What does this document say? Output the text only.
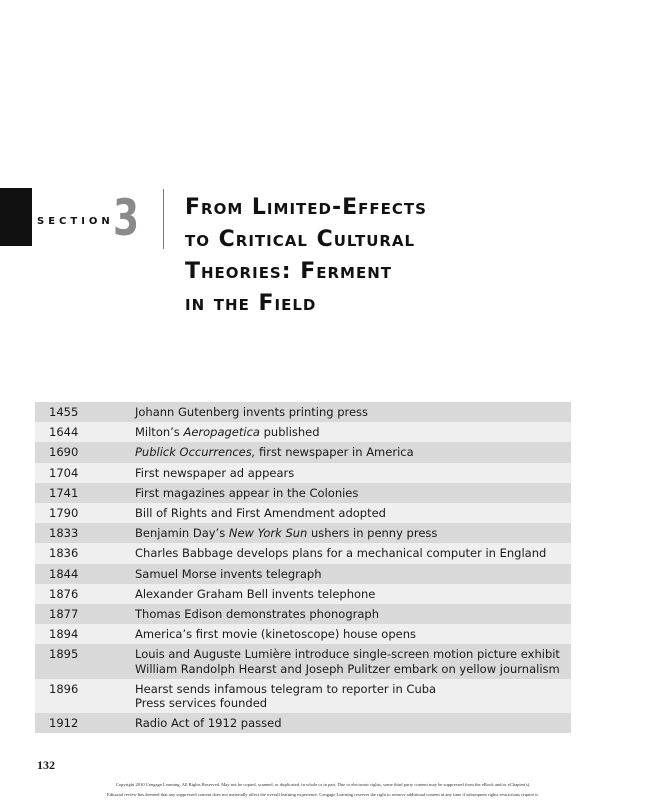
SECTION 3 From Limited-Effects
to Critical Cultural
Theories: Ferment
in the Field
1455	Johann Gutenberg invents printing press

1644	Milton’s Aeropagetica published

1690	Publick Occurrences, first newspaper in America

1704	First newspaper ad appears

1741	First magazines appear in the Colonies

1790	Bill of Rights and First Amendment adopted

1833	Benjamin Day’s New York Sun ushers in penny press

1836	Charles Babbage develops plans for a mechanical computer in England

1844	Samuel Morse invents telegraph

1876	Alexander Graham Bell invents telephone

1877	Thomas Edison demonstrates phonograph

1894	America’s first movie (kinetoscope) house opens

1895	Louis and Auguste Lumière introduce single-screen motion picture exhibit
William Randolph Hearst and Joseph Pulitzer embark on yellow journalism

1896	Hearst sends infamous telegram to reporter in Cuba
Press services founded

1912	Radio Act of 1912 passed
132
Copyright 2010 Cengage Learning. All Rights Reserved. May not be copied, scanned, or duplicated, in whole or in part. Due to electronic rights, some third party content may be suppressed from the eBook and/or eChapter(s).
Editorial review has deemed that any suppressed content does not materially affect the overall learning experience. Cengage Learning reserves the right to remove additional content at any time if subsequent rights restrictions require it.
